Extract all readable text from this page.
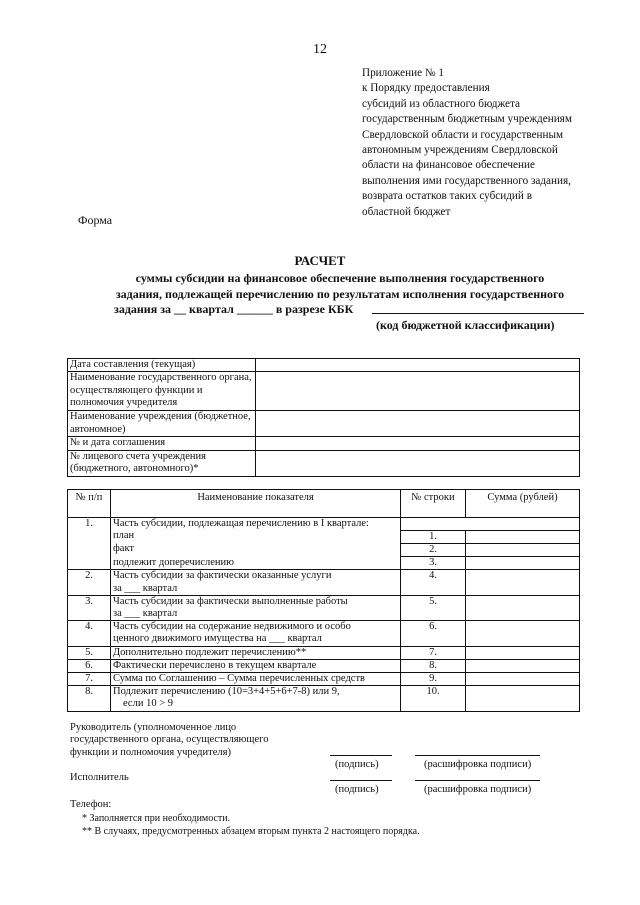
12
Приложение № 1
к Порядку предоставления
субсидий из областного бюджета
государственным бюджетным учреждениям
Свердловской области и государственным
автономным учреждениям Свердловской
области на финансовое обеспечение
выполнения ими государственного задания,
возврата остатков таких субсидий в
областной бюджет
Форма
РАСЧЕТ
суммы субсидии на финансовое обеспечение выполнения государственного
задания, подлежащей перечислению по результатам исполнения государственного
задания за __ квартал ______ в разрезе КБК
(код бюджетной классификации)
Дата составления (текущая)	
Наименование государственного органа, осуществляющего функции и полномочия учредителя	
Наименование учреждения (бюджетное, автономное)	
№ и дата соглашения	
№ лицевого счета учреждения (бюджетного, автономного)*	
№ п/п	Наименование показателя	№ строки	Сумма (рублей)
1.	Часть субсидии, подлежащая перечислению в I квартале:		
	план	1.	
	факт	2.	
	подлежит доперечислению	3.	
2.	Часть субсидии за фактически оказанные услуги
за ___ квартал	4.	
3.	Часть субсидии за фактически выполненные работы
за ___ квартал	5.	
4.	Часть субсидии на содержание недвижимого и особо
ценного движимого имущества на ___ квартал	6.	
5.	Дополнительно подлежит перечислению**	7.	
6.	Фактически перечислено в текущем квартале	8.	
7.	Сумма по Соглашению – Сумма перечисленных средств	9.	
8.	Подлежит перечислению (10=3+4+5+6+7-8) или 9,
если 10 > 9	10.	
Руководитель (уполномоченное лицо
государственного органа, осуществляющего
функции и полномочия учредителя)
(подпись)	(расшифровка подписи)
Исполнитель
(подпись)	(расшифровка подписи)
Телефон:
* Заполняется при необходимости.
** В случаях, предусмотренных абзацем вторым пункта 2 настоящего порядка.
